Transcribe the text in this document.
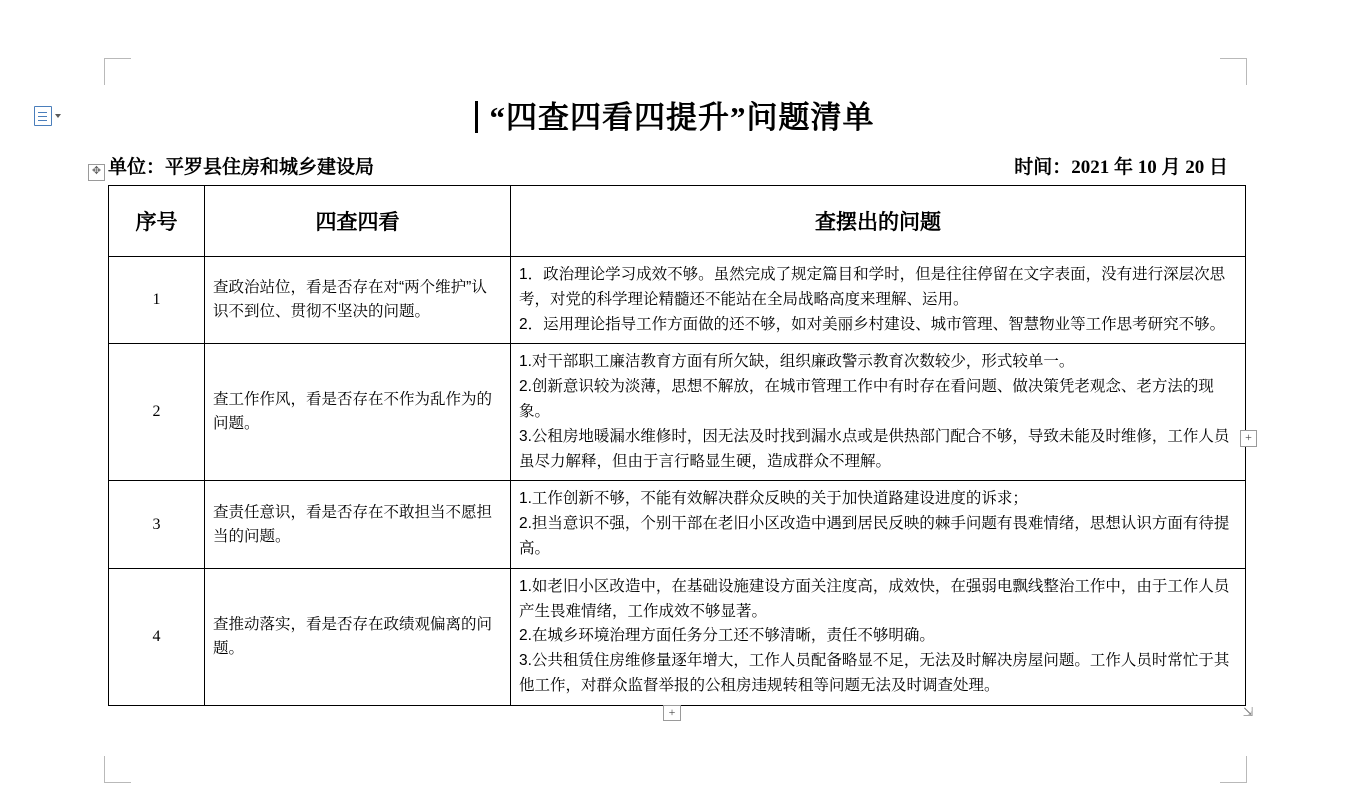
✥
“四查四看四提升”问题清单
单位：平罗县住房和城乡建设局	时间：2021 年 10 月 20 日
序号	四查四看	查摆出的问题
1	查政治站位，看是否存在对“两个维护”认识不到位、贯彻不坚决的问题。	1．政治理论学习成效不够。虽然完成了规定篇目和学时，但是往往停留在文字表面，没有进行深层次思考，对党的科学理论精髓还不能站在全局战略高度来理解、运用。

2．运用理论指导工作方面做的还不够，如对美丽乡村建设、城市管理、智慧物业等工作思考研究不够。

2	查工作作风，看是否存在不作为乱作为的问题。	1.对干部职工廉洁教育方面有所欠缺，组织廉政警示教育次数较少，形式较单一。

2.创新意识较为淡薄，思想不解放，在城市管理工作中有时存在看问题、做决策凭老观念、老方法的现象。

3.公租房地暖漏水维修时，因无法及时找到漏水点或是供热部门配合不够，导致未能及时维修，工作人员虽尽力解释，但由于言行略显生硬，造成群众不理解。

3	查责任意识，看是否存在不敢担当不愿担当的问题。	1.工作创新不够，不能有效解决群众反映的关于加快道路建设进度的诉求；

2.担当意识不强，个别干部在老旧小区改造中遇到居民反映的棘手问题有畏难情绪，思想认识方面有待提高。

4	查推动落实，看是否存在政绩观偏离的问题。	1.如老旧小区改造中，在基础设施建设方面关注度高，成效快，在强弱电飘线整治工作中，由于工作人员产生畏难情绪，工作成效不够显著。

2.在城乡环境治理方面任务分工还不够清晰，责任不够明确。

3.公共租赁住房维修量逐年增大，工作人员配备略显不足，无法及时解决房屋问题。工作人员时常忙于其他工作，对群众监督举报的公租房违规转租等问题无法及时调查处理。

+
+	⇲
